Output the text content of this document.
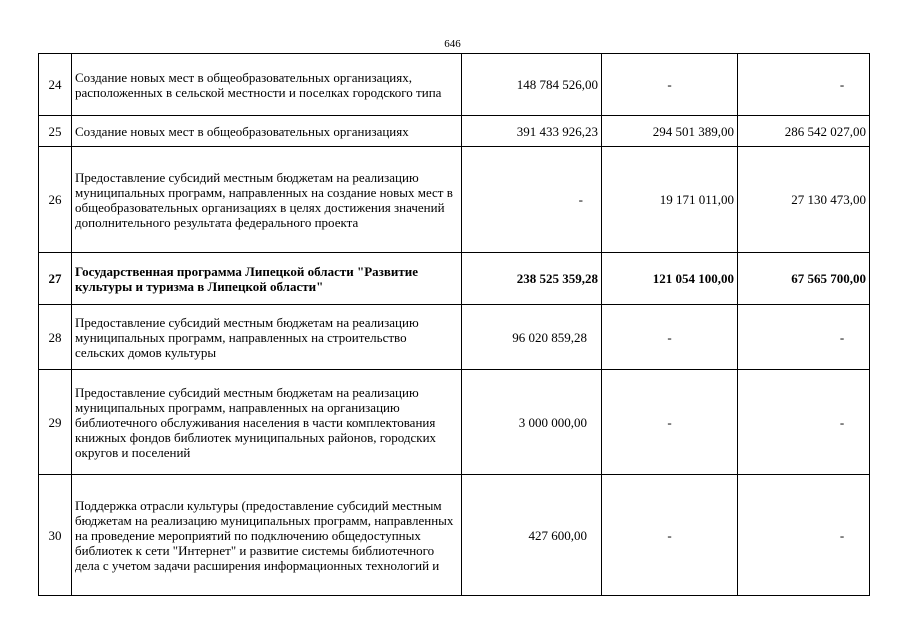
646
24	Создание новых мест в общеобразовательных организациях, расположенных в сельской местности и поселках городского типа	148 784 526,00	-	-
25	Создание новых мест в общеобразовательных организациях	391 433 926,23	294 501 389,00	286 542 027,00
26	Предоставление субсидий местным бюджетам на реализацию муниципальных программ, направленных на создание новых мест в общеобразовательных организациях в целях достижения значений дополнительного результата федерального проекта	-	19 171 011,00	27 130 473,00
27	Государственная программа Липецкой области "Развитие культуры и туризма в Липецкой области"	238 525 359,28	121 054 100,00	67 565 700,00
28	Предоставление субсидий местным бюджетам на реализацию муниципальных программ, направленных на строительство сельских домов культуры	96 020 859,28	-	-
29	Предоставление субсидий местным бюджетам на реализацию муниципальных программ, направленных на организацию библиотечного обслуживания населения в части комплектования книжных фондов библиотек муниципальных районов, городских округов и поселений	3 000 000,00	-	-
30	Поддержка отрасли культуры (предоставление субсидий местным бюджетам на реализацию муниципальных программ, направленных на проведение мероприятий по подключению общедоступных библиотек к сети "Интернет" и развитие системы библиотечного дела с учетом задачи расширения информационных технологий и	427 600,00	-	-
